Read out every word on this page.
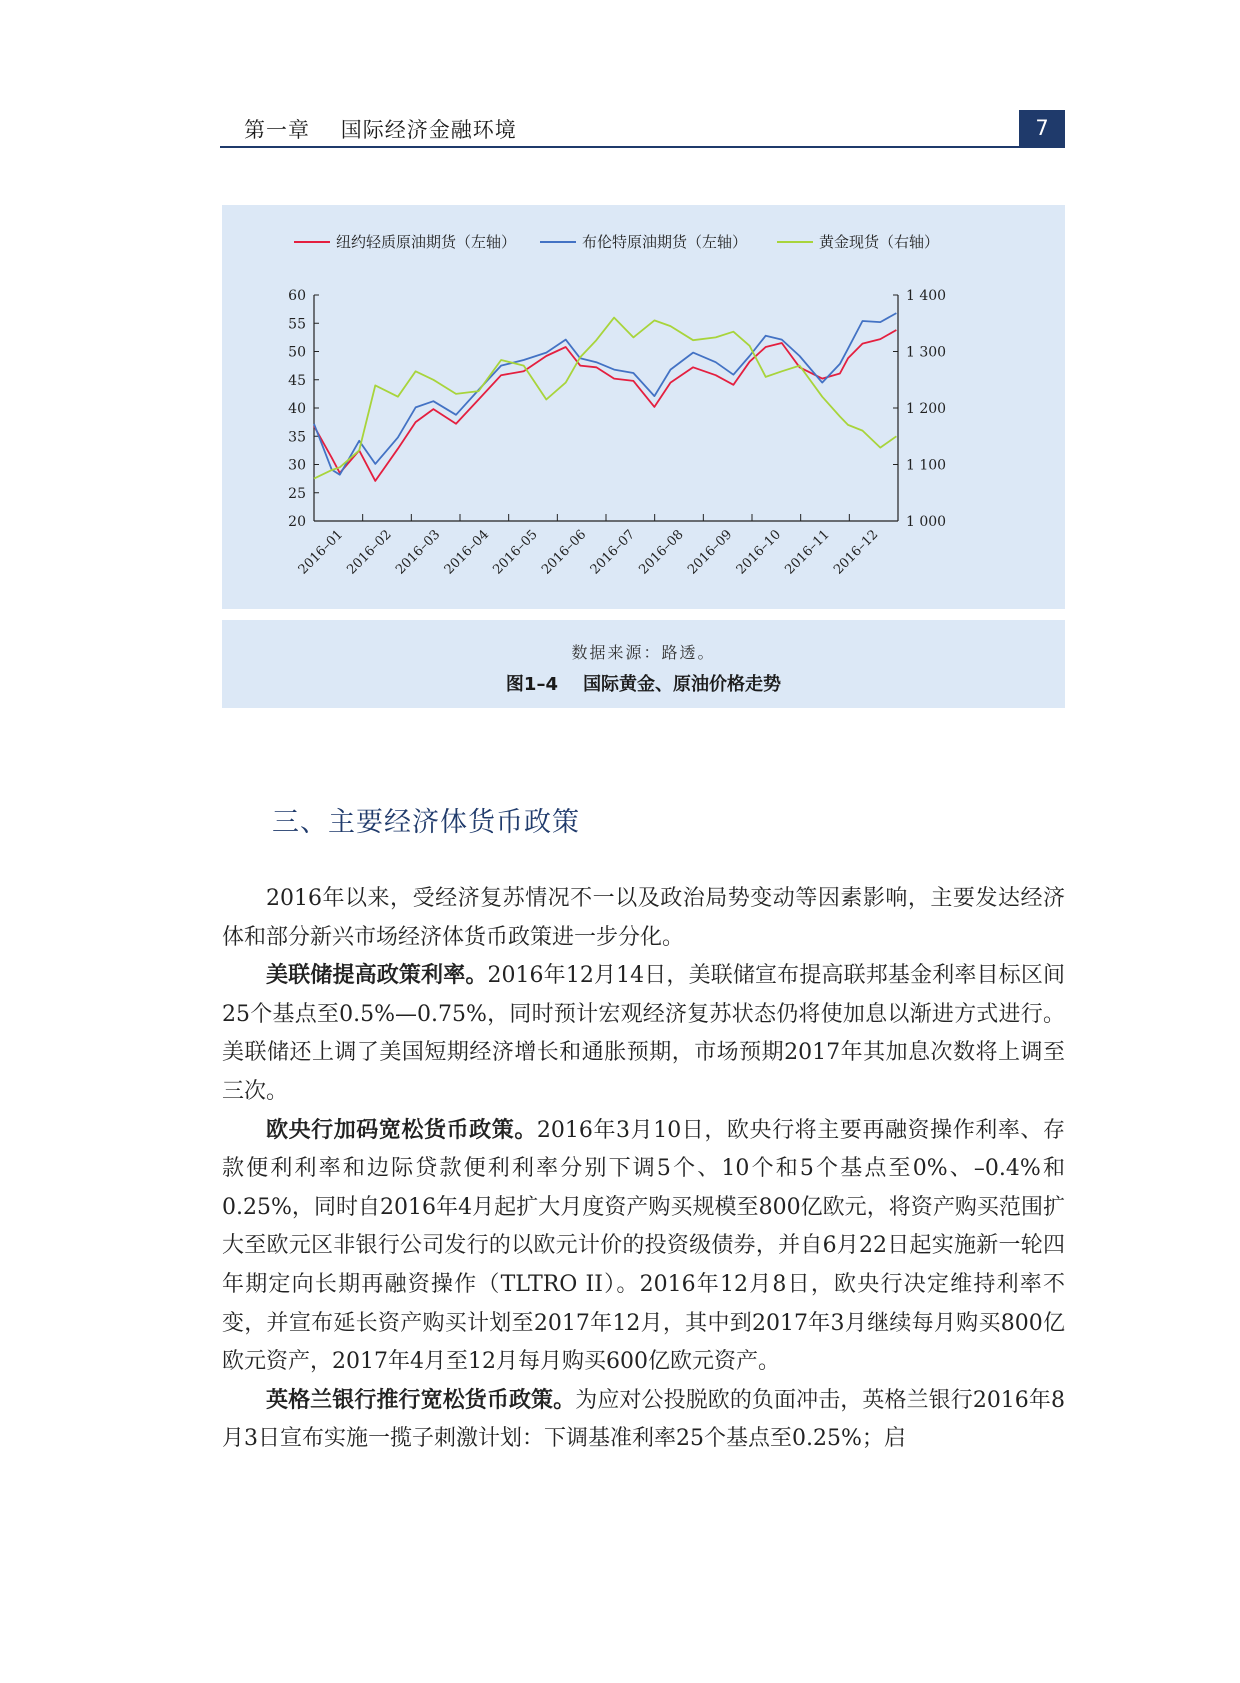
第一章 国际经济金融环境	7
20
25
30
35
40
45
50
55
60
1 000
1 100
1 200
1 300
1 400
2016–01
2016–02
2016–03
2016–04
2016–05
2016–06
2016–07
2016–08
2016–09
2016–10
2016–11
2016–12
纽约轻质原油期货（左轴）	布伦特原油期货（左轴）	黄金现货（右轴）
数据来源：路透。
图1–4 国际黄金、原油价格走势
三、主要经济体货币政策

2016年以来，受经济复苏情况不一以及政治局势变动等因素影响，主要发达经济体和部分新兴市场经济体货币政策进一步分化。

美联储提高政策利率。2016年12月14日，美联储宣布提高联邦基金利率目标区间25个基点至0.5%—0.75%，同时预计宏观经济复苏状态仍将使加息以渐进方式进行。美联储还上调了美国短期经济增长和通胀预期，市场预期2017年其加息次数将上调至三次。

欧央行加码宽松货币政策。2016年3月10日，欧央行将主要再融资操作利率、存款便利利率和边际贷款便利利率分别下调5个、10个和5个基点至0%、–0.4%和0.25%，同时自2016年4月起扩大月度资产购买规模至800亿欧元，将资产购买范围扩大至欧元区非银行公司发行的以欧元计价的投资级债券，并自6月22日起实施新一轮四年期定向长期再融资操作（TLTRO II）。2016年12月8日，欧央行决定维持利率不变，并宣布延长资产购买计划至2017年12月，其中到2017年3月继续每月购买800亿欧元资产，2017年4月至12月每月购买600亿欧元资产。

英格兰银行推行宽松货币政策。为应对公投脱欧的负面冲击，英格兰银行2016年8月3日宣布实施一揽子刺激计划：下调基准利率25个基点至0.25%；启
